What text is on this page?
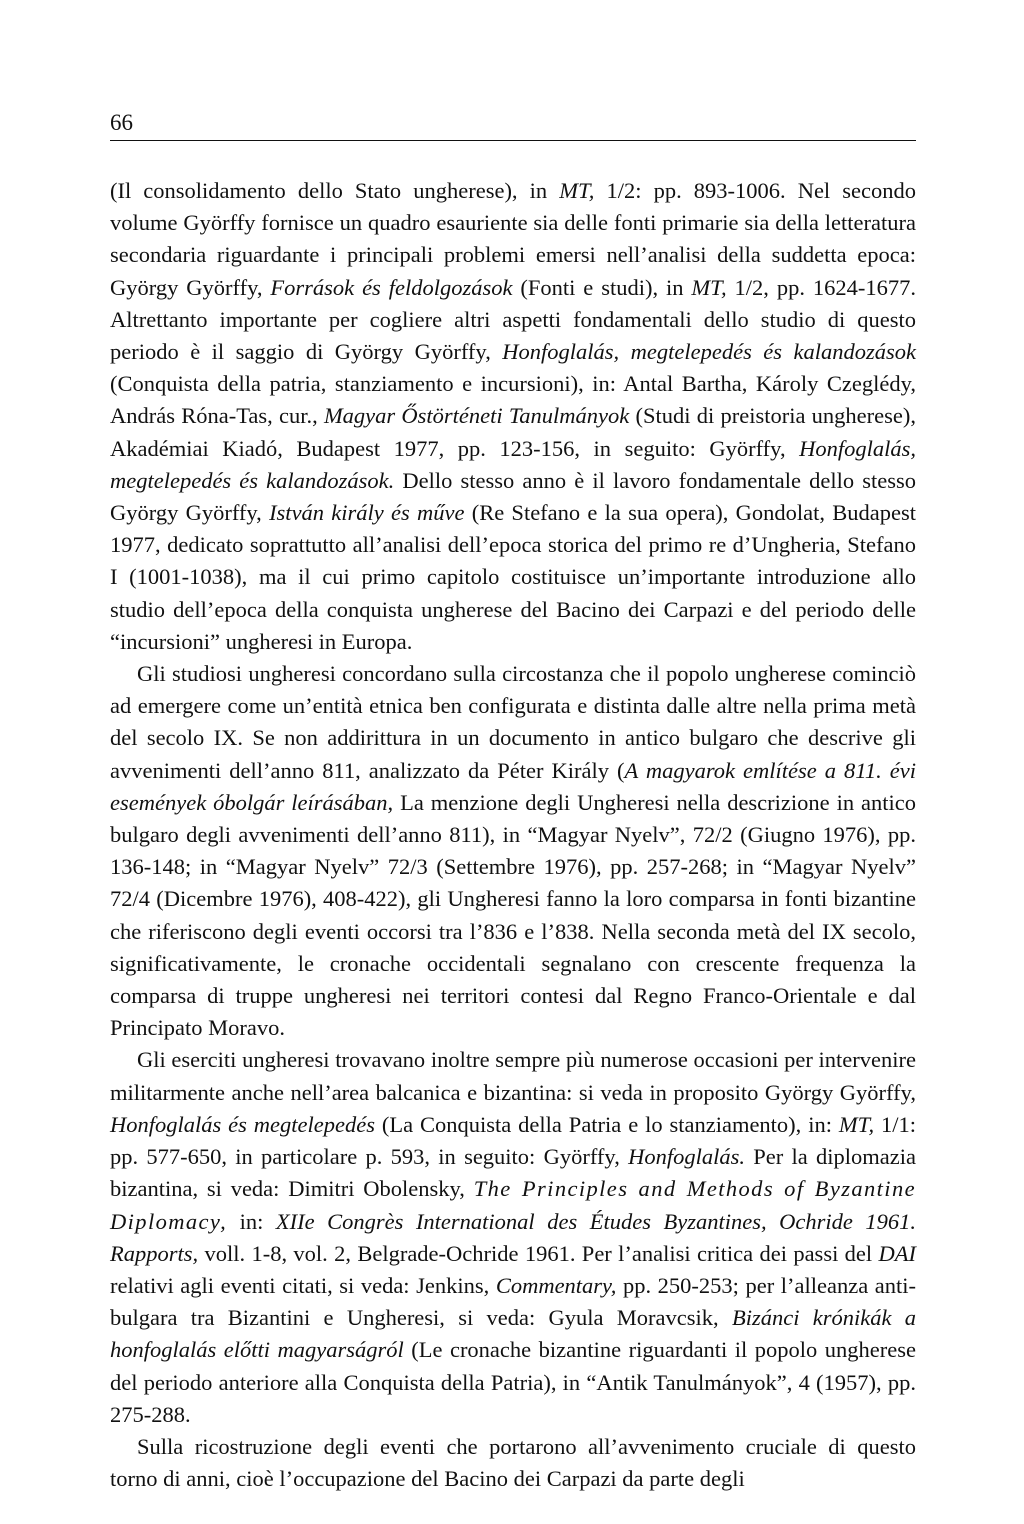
66

(Il consolidamento dello Stato ungherese), in MT, 1/2: pp. 893-1006. Nel secondo volume Györffy fornisce un quadro esauriente sia delle fonti primarie sia della letteratura secondaria riguardante i principali problemi emersi nell’analisi della suddetta epoca: György Györffy, Források és feldolgozások (Fonti e studi), in MT, 1/2, pp. 1624-1677. Altrettanto importante per cogliere altri aspetti fondamentali dello studio di questo periodo è il saggio di György Györffy, Honfoglalás, megtelepedés és kalandozások (Conquista della patria, stanziamento e incursioni), in: Antal Bartha, Károly Czeglédy, András Róna-Tas, cur., Magyar Őstörténeti Tanulmányok (Studi di preistoria ungherese), Akadémiai Kiadó, Budapest 1977, pp. 123-156, in seguito: Györffy, Honfoglalás, megtelepedés és kalandozások. Dello stesso anno è il lavoro fondamentale dello stesso György Györffy, István király és műve (Re Stefano e la sua opera), Gondolat, Budapest 1977, dedicato soprattutto all’analisi dell’epoca storica del primo re d’Ungheria, Stefano I (1001-1038), ma il cui primo capitolo costituisce un’importante introduzione allo studio dell’epoca della conquista ungherese del Bacino dei Carpazi e del periodo delle “incursioni” ungheresi in Europa.

Gli studiosi ungheresi concordano sulla circostanza che il popolo ungherese cominciò ad emergere come un’entità etnica ben configurata e distinta dalle altre nella prima metà del secolo IX. Se non addirittura in un documento in antico bulgaro che descrive gli avvenimenti dell’anno 811, analizzato da Péter Király (A magyarok említése a 811. évi események óbolgár leírásában, La menzione degli Ungheresi nella descrizione in antico bulgaro degli avvenimenti dell’anno 811), in “Magyar Nyelv”, 72/2 (Giugno 1976), pp. 136-148; in “Magyar Nyelv” 72/3 (Settembre 1976), pp. 257-268; in “Magyar Nyelv” 72/4 (Dicembre 1976), 408-422), gli Ungheresi fanno la loro comparsa in fonti bizantine che riferiscono degli eventi occorsi tra l’836 e l’838. Nella seconda metà del IX secolo, significativamente, le cronache occidentali segnalano con crescente frequenza la comparsa di truppe ungheresi nei territori contesi dal Regno Franco-Orientale e dal Principato Moravo.

Gli eserciti ungheresi trovavano inoltre sempre più numerose occasioni per intervenire militarmente anche nell’area balcanica e bizantina: si veda in proposito György Györffy, Honfoglalás és megtelepedés (La Conquista della Patria e lo stanziamento), in: MT, 1/1: pp. 577-650, in particolare p. 593, in seguito: Györffy, Honfoglalás. Per la diplomazia bizantina, si veda: Dimitri Obolensky, The Principles and Methods of Byzantine Diplomacy, in: XIIe Congrès International des Études Byzantines, Ochride 1961. Rapports, voll. 1-8, vol. 2, Belgrade-Ochride 1961. Per l’analisi critica dei passi del DAI relativi agli eventi citati, si veda: Jenkins, Commentary, pp. 250-253; per l’alleanza anti-bulgara tra Bizantini e Ungheresi, si veda: Gyula Moravcsik, Bizánci krónikák a honfoglalás előtti magyarságról (Le cronache bizantine riguardanti il popolo ungherese del periodo anteriore alla Conquista della Patria), in “Antik Tanulmányok”, 4 (1957), pp. 275-288.

Sulla ricostruzione degli eventi che portarono all’avvenimento cruciale di questo torno di anni, cioè l’occupazione del Bacino dei Carpazi da parte degli
